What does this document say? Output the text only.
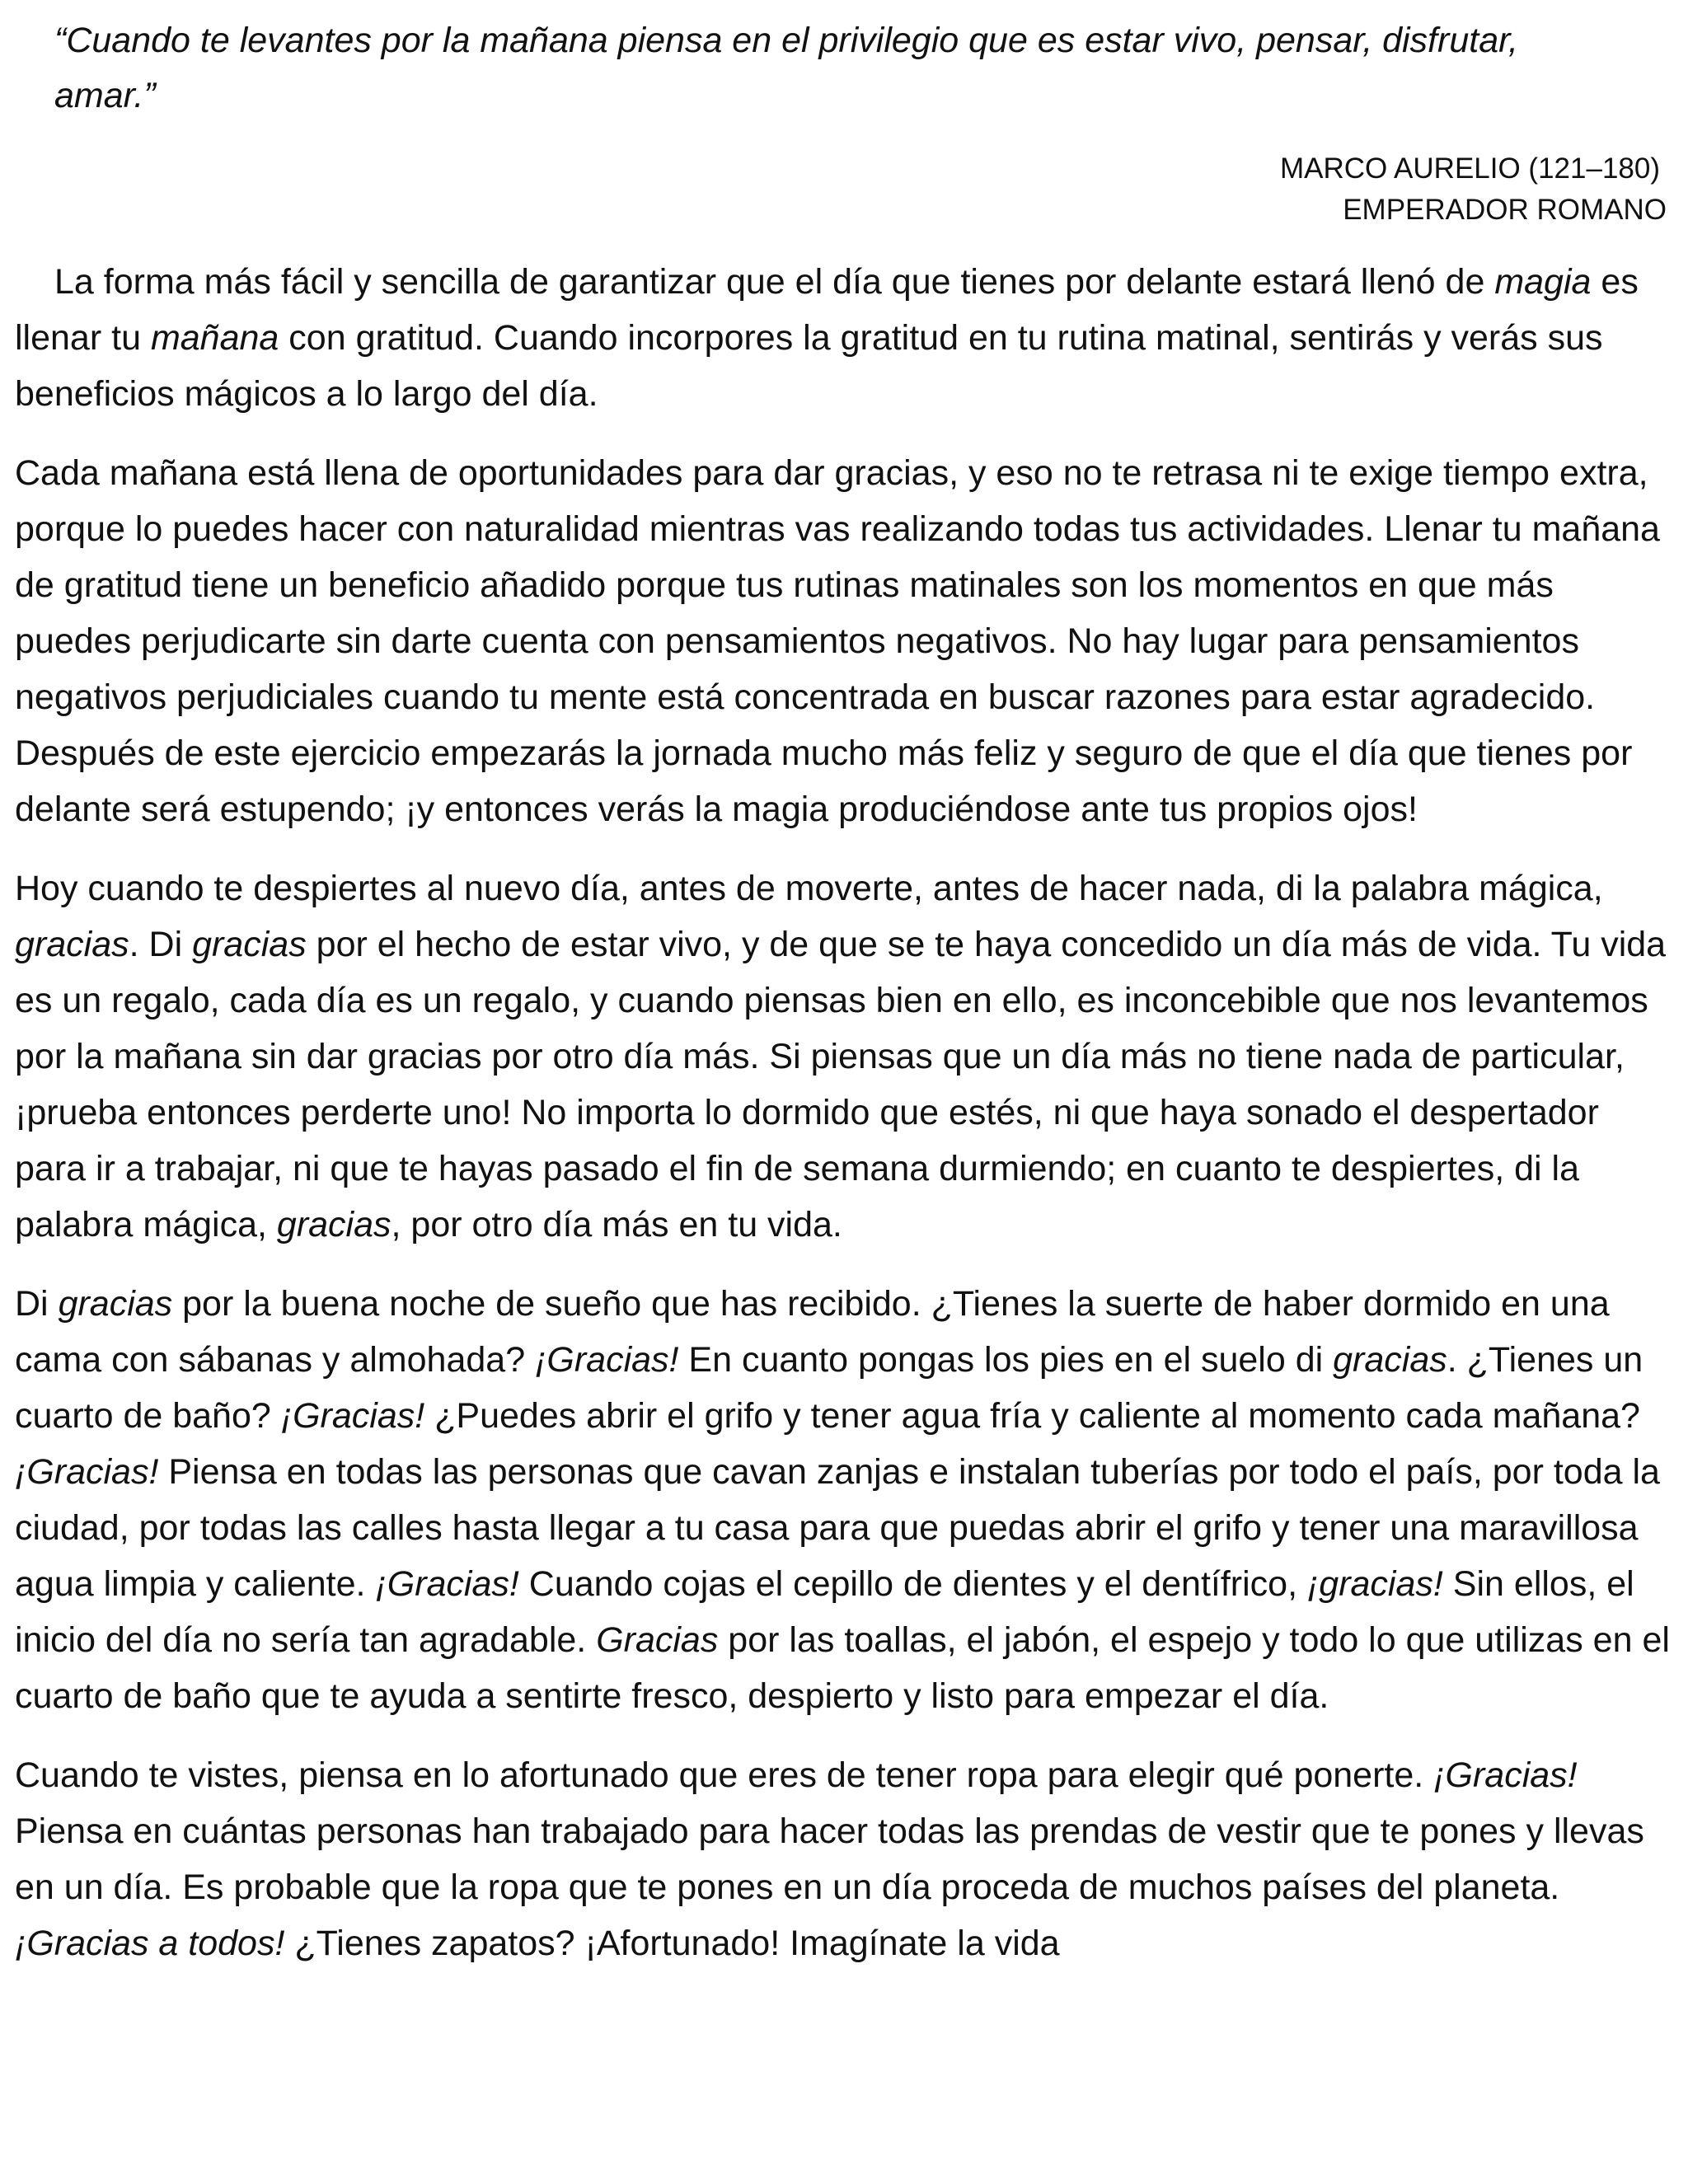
“Cuando te levantes por la mañana piensa en el privilegio que es estar vivo, pensar, disfrutar, amar.”

MARCO AURELIO (121–180)
EMPERADOR ROMANO

La forma más fácil y sencilla de garantizar que el día que tienes por delante estará llenó de magia es llenar tu mañana con gratitud. Cuando incorpores la gratitud en tu rutina matinal, sentirás y verás sus beneficios mágicos a lo largo del día.

Cada mañana está llena de oportunidades para dar gracias, y eso no te retrasa ni te exige tiempo extra, porque lo puedes hacer con naturalidad mientras vas realizando todas tus actividades. Llenar tu mañana de gratitud tiene un beneficio añadido porque tus rutinas matinales son los momentos en que más puedes perjudicarte sin darte cuenta con pensamientos negativos. No hay lugar para pensamientos negativos perjudiciales cuando tu mente está concentrada en buscar razones para estar agradecido. Después de este ejercicio empezarás la jornada mucho más feliz y seguro de que el día que tienes por delante será estupendo; ¡y entonces verás la magia produciéndose ante tus propios ojos!

Hoy cuando te despiertes al nuevo día, antes de moverte, antes de hacer nada, di la palabra mágica, gracias. Di gracias por el hecho de estar vivo, y de que se te haya concedido un día más de vida. Tu vida es un regalo, cada día es un regalo, y cuando piensas bien en ello, es inconcebible que nos levantemos por la mañana sin dar gracias por otro día más. Si piensas que un día más no tiene nada de particular, ¡prueba entonces perderte uno! No importa lo dormido que estés, ni que haya sonado el despertador para ir a trabajar, ni que te hayas pasado el fin de semana durmiendo; en cuanto te despiertes, di la palabra mágica, gracias, por otro día más en tu vida.

Di gracias por la buena noche de sueño que has recibido. ¿Tienes la suerte de haber dormido en una cama con sábanas y almohada? ¡Gracias! En cuanto pongas los pies en el suelo di gracias. ¿Tienes un cuarto de baño? ¡Gracias! ¿Puedes abrir el grifo y tener agua fría y caliente al momento cada mañana? ¡Gracias! Piensa en todas las personas que cavan zanjas e instalan tuberías por todo el país, por toda la ciudad, por todas las calles hasta llegar a tu casa para que puedas abrir el grifo y tener una maravillosa agua limpia y caliente. ¡Gracias! Cuando cojas el cepillo de dientes y el dentífrico, ¡gracias! Sin ellos, el inicio del día no sería tan agradable. Gracias por las toallas, el jabón, el espejo y todo lo que utilizas en el cuarto de baño que te ayuda a sentirte fresco, despierto y listo para empezar el día.

Cuando te vistes, piensa en lo afortunado que eres de tener ropa para elegir qué ponerte. ¡Gracias! Piensa en cuántas personas han trabajado para hacer todas las prendas de vestir que te pones y llevas en un día. Es probable que la ropa que te pones en un día proceda de muchos países del planeta. ¡Gracias a todos! ¿Tienes zapatos? ¡Afortunado! Imagínate la vida
